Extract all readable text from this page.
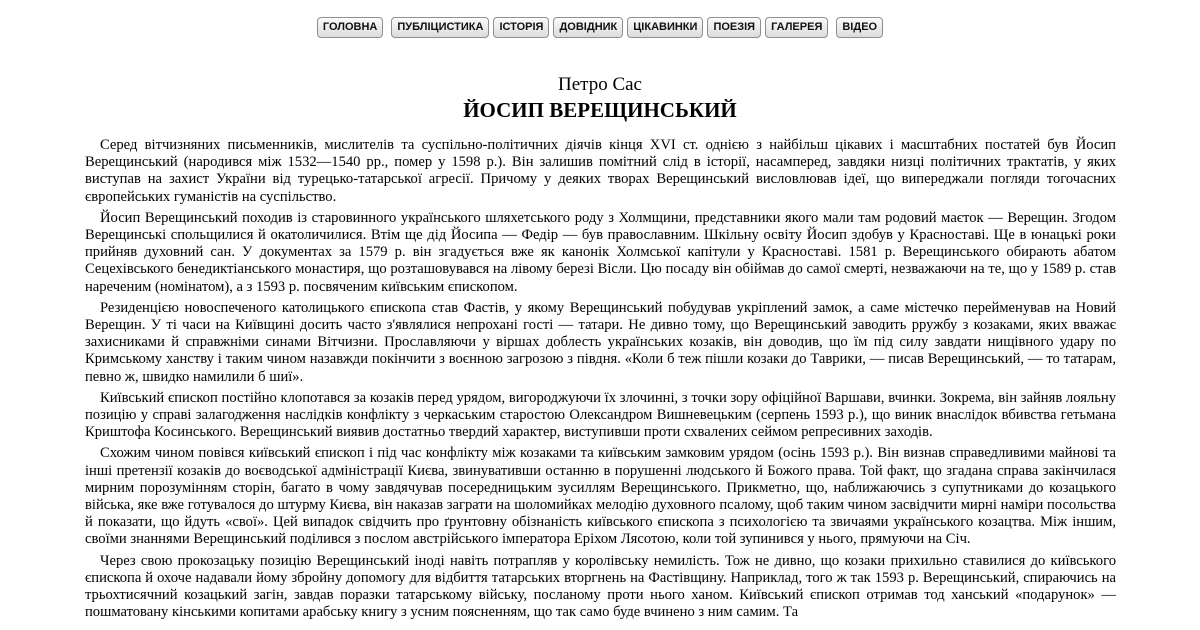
ГОЛОВНА ПУБЛІЦИСТИКА ІСТОРІЯ ДОВІДНИК ЦІКАВИНКИ ПОЕЗІЯ ГАЛЕРЕЯ ВІДЕО
Петро Сас
ЙОСИП ВЕРЕЩИНСЬКИЙ

Серед вітчизняних письменників, мислителів та суспільно-політичних діячів кінця XVI ст. однією з найбільш цікавих і масштабних постатей був Йосип Верещинський (народився між 1532—1540 рр., помер у 1598 р.). Він залишив помітний слід в історії, насамперед, завдяки низці політичних трактатів, у яких виступав на захист України від турецько-татарської агресії. Причому у деяких творах Верещинський висловлював ідеї, що випереджали погляди тогочасних європейських гуманістів на суспільство.

Йосип Верещинський походив із старовинного українського шляхетського роду з Холмщини, представники якого мали там родовий маєток — Верещин. Згодом Верещинські спольщилися й окатоличилися. Втім ще дід Йосипа — Федір — був православним. Шкільну освіту Йосип здобув у Красноставі. Ще в юнацькі роки прийняв духовний сан. У документах за 1579 р. він згадується вже як канонік Холмської капітули у Красноставі. 1581 р. Верещинського обирають абатом Сецехівського бенедиктіанського монастиря, що розташовувався на лівому березі Вісли. Цю посаду він обіймав до самої смерті, незважаючи на те, що у 1589 р. став нареченим (номінатом), а з 1593 р. посвяченим київським єпископом.

Резиденцією новоспеченого католицького єпископа став Фастів, у якому Верещинський побудував укріплений замок, а саме містечко перейменував на Новий Верещин. У ті часи на Київщині досить часто з'являлися непрохані гості — татари. Не дивно тому, що Верещинський заводить рружбу з козаками, яких вважає захисниками й справжніми синами Вітчизни. Прославляючи у віршах доблесть українських козаків, він доводив, що їм під силу завдати нищівного удару по Кримському ханству і таким чином назавжди покінчити з воєнною загрозою з півдня. «Коли б теж пішли козаки до Таврики, — писав Верещинський, — то татарам, певно ж, швидко намилили б шиї».

Київський єпископ постійно клопотався за козаків перед урядом, вигороджуючи їх злочинні, з точки зору офіційної Варшави, вчинки. Зокрема, він зайняв лояльну позицію у справі залагодження наслідків конфлікту з черкаським старостою Олександром Вишневецьким (серпень 1593 р.), що виник внаслідок вбивства гетьмана Криштофа Косинського. Верещинський виявив достатньо твердий характер, виступивши проти схвалених сеймом репресивних заходів.

Схожим чином повівся київський єпископ і під час конфлікту між козаками та київським замковим урядом (осінь 1593 р.). Він визнав справедливими майнові та інші претензії козаків до воєводської адміністрації Києва, звинувативши останню в порушенні людського й Божого права. Той факт, що згадана справа закінчилася мирним порозумінням сторін, багато в чому завдячував посередницьким зусиллям Верещинського. Прикметно, що, наближаючись з супутниками до козацького війська, яке вже готувалося до штурму Києва, він наказав заграти на шоломийках мелодію духовного псалому, щоб таким чином засвідчити мирні наміри посольства й показати, що йдуть «свої». Цей випадок свідчить про ґрунтовну обізнаність київського єпископа з психологією та звичаями українського козацтва. Між іншим, своїми знаннями Верещинський поділився з послом австрійського імператора Еріхом Лясотою, коли той зупинився у нього, прямуючи на Січ.

Через свою прокозацьку позицію Верещинський іноді навіть потрапляв у королівську немилість. Тож не дивно, що козаки прихильно ставилися до київського єпископа й охоче надавали йому збройну допомогу для відбиття татарських вторгнень на Фастівщину. Наприклад, того ж так 1593 р. Верещинський, спираючись на трьохтисячний козацький загін, завдав поразки татарському війську, посланому проти нього ханом. Київський єпископ отримав тод ханський «подарунок» — пошматовану кінськими копитами арабську книгу з усним поясненням, що так само буде вчинено з ним самим. Та
